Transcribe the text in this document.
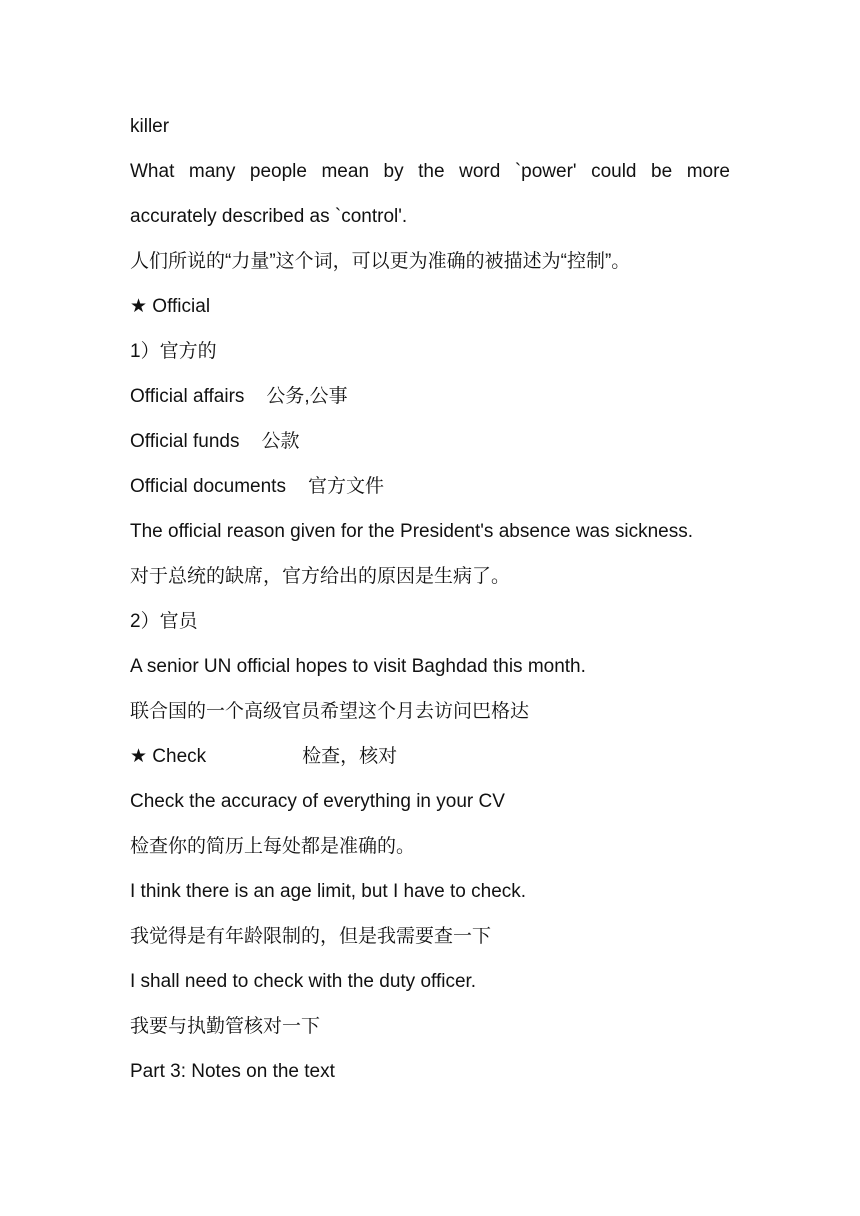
killer
What many people mean by the word `power' could be more
accurately described as `control'.
人们所说的“力量”这个词，可以更为准确的被描述为“控制”。
★ Official
1）官方的
Official affairs 公务,公事
Official funds 公款
Official documents 官方文件
The official reason given for the President's absence was sickness.
对于总统的缺席，官方给出的原因是生病了。
2）官员
A senior UN official hopes to visit Baghdad this month.
联合国的一个高级官员希望这个月去访问巴格达
★ Check	检查，核对
Check the accuracy of everything in your CV
检查你的简历上每处都是准确的。
I think there is an age limit, but I have to check.
我觉得是有年龄限制的，但是我需要查一下
I shall need to check with the duty officer.
我要与执勤管核对一下
Part 3: Notes on the text
